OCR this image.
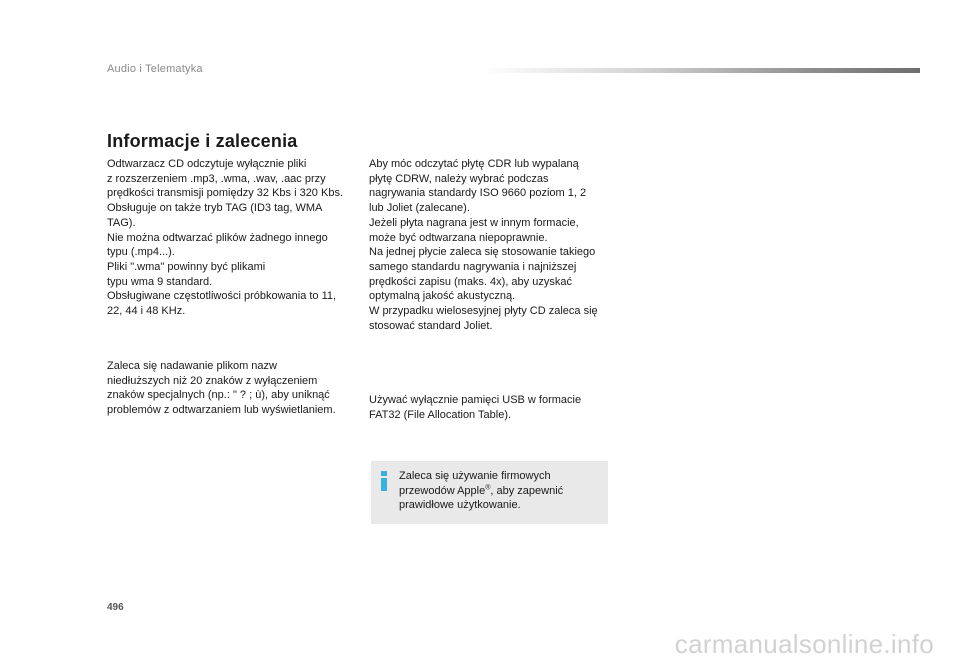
Audio i Telematyka
Informacje i zalecenia

Odtwarzacz CD odczytuje wyłącznie pliki
z rozszerzeniem .mp3, .wma, .wav, .aac przy
prędkości transmisji pomiędzy 32 Kbs i 320 Kbs.
Obsługuje on także tryb TAG (ID3 tag, WMA
TAG).
Nie można odtwarzać plików żadnego innego
typu (.mp4...).
Pliki ".wma" powinny być plikami
typu wma 9 standard.
Obsługiwane częstotliwości próbkowania to 11,
22, 44 i 48 KHz.

Zaleca się nadawanie plikom nazw
niedłuższych niż 20 znaków z wyłączeniem
znaków specjalnych (np.: " ? ; ù), aby uniknąć
problemów z odtwarzaniem lub wyświetlaniem.

Aby móc odczytać płytę CDR lub wypalaną
płytę CDRW, należy wybrać podczas
nagrywania standardy ISO 9660 poziom 1, 2
lub Joliet (zalecane).
Jeżeli płyta nagrana jest w innym formacie,
może być odtwarzana niepoprawnie.
Na jednej płycie zaleca się stosowanie takiego
samego standardu nagrywania i najniższej
prędkości zapisu (maks. 4x), aby uzyskać
optymalną jakość akustyczną.
W przypadku wielosesyjnej płyty CD zaleca się
stosować standard Joliet.

Używać wyłącznie pamięci USB w formacie
FAT32 (File Allocation Table).

Zaleca się używanie firmowych przewodów Apple®, aby zapewnić prawidłowe użytkowanie.

496
carmanualsonline.info
